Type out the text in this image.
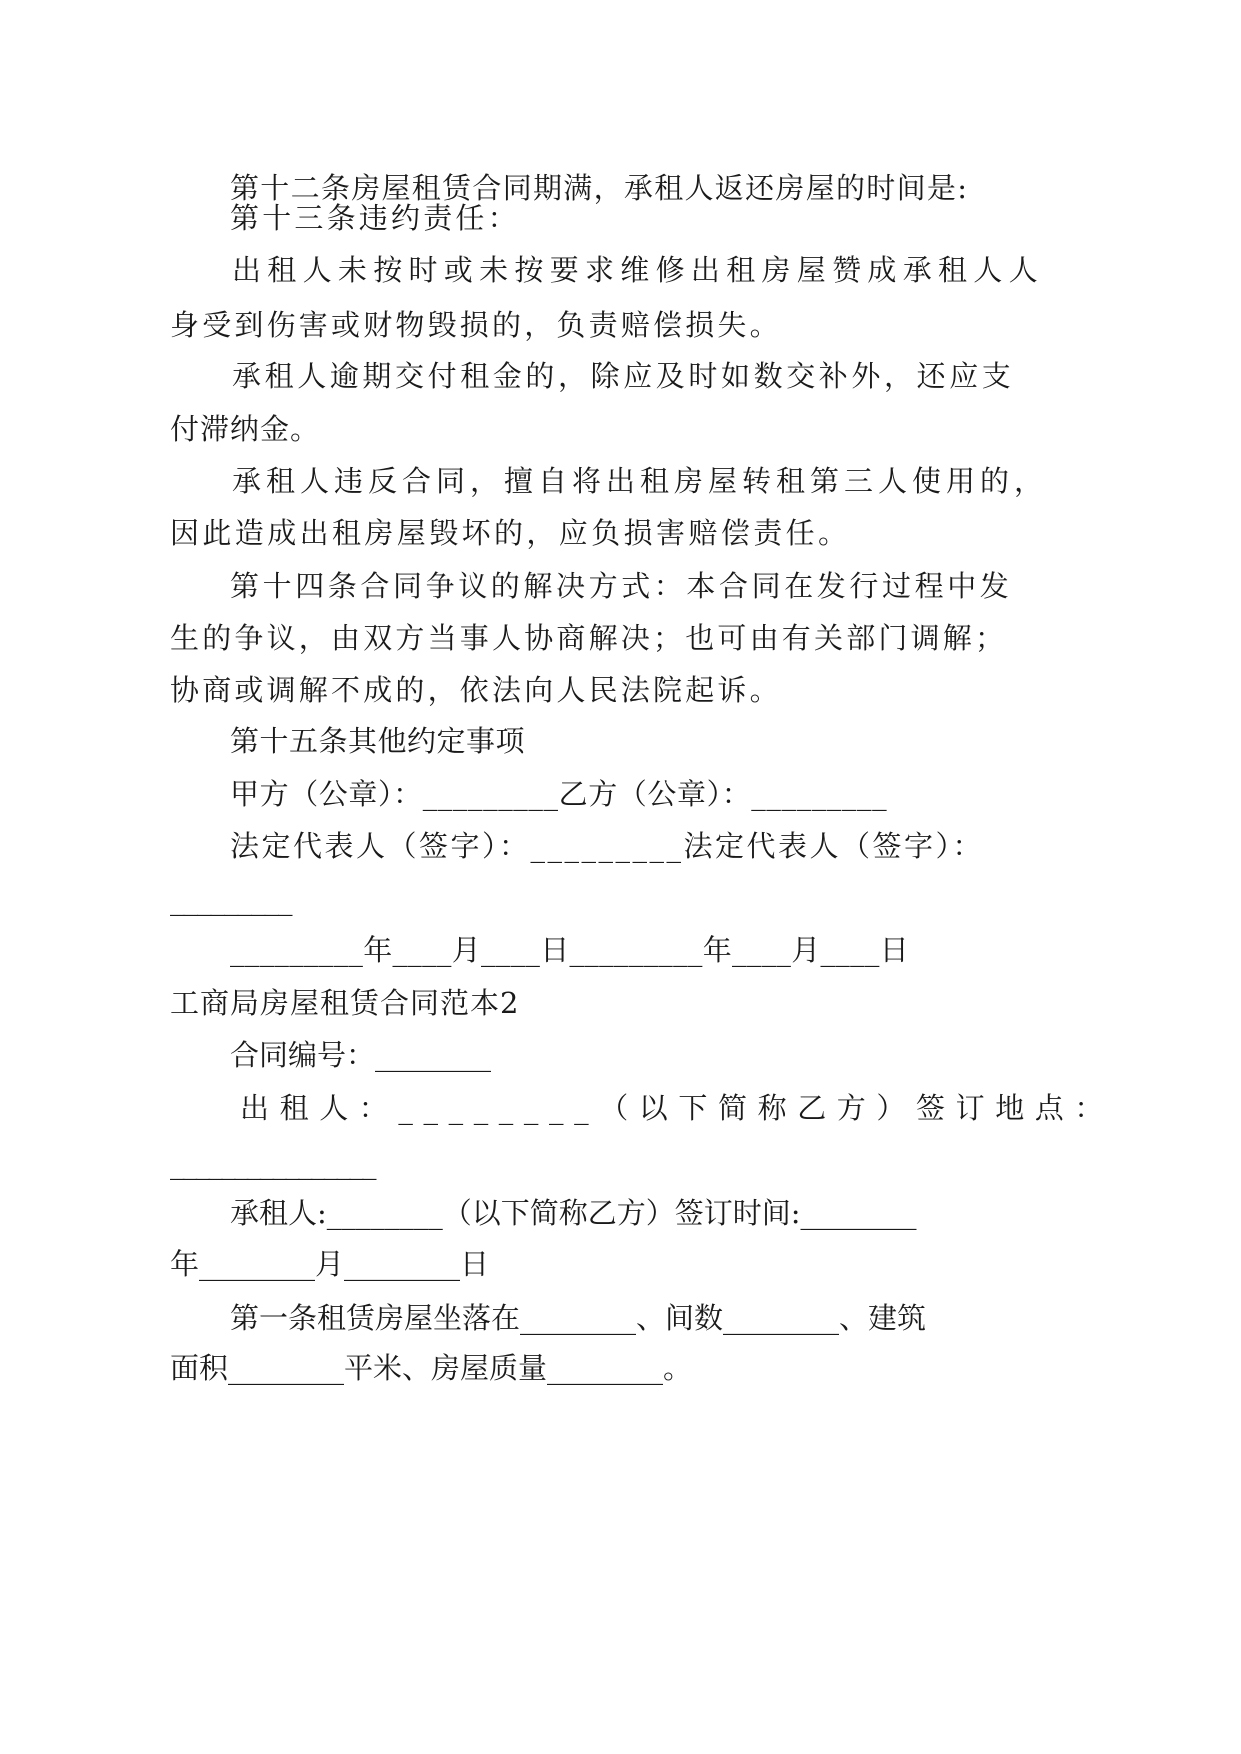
第十二条房屋租赁合同期满，承租人返还房屋的时间是:
第十三条违约责任：
出租人未按时或未按要求维修出租房屋赞成承租人人
身受到伤害或财物毁损的，负责赔偿损失。
承租人逾期交付租金的，除应及时如数交补外，还应支
付滞纳金。
承租人违反合同，擅自将出租房屋转租第三人使用的，
因此造成出租房屋毁坏的，应负损害赔偿责任。
第十四条合同争议的解决方式：本合同在发行过程中发
生的争议，由双方当事人协商解决；也可由有关部门调解；
协商或调解不成的，依法向人民法院起诉。
第十五条其他约定事项
甲方（公章）：_________乙方（公章）：_________
法定代表人（签字）：_________法定代表人（签字）：
_________
_________年____月____日_________年____月____日
工商局房屋租赁合同范本2
合同编号：________
出租人：________（以下简称乙方）签订地点：
________________
承租人:________（以下简称乙方）签订时间:________
年________月________日
第一条租赁房屋坐落在________、间数________、建筑
面积________平米、房屋质量________。
